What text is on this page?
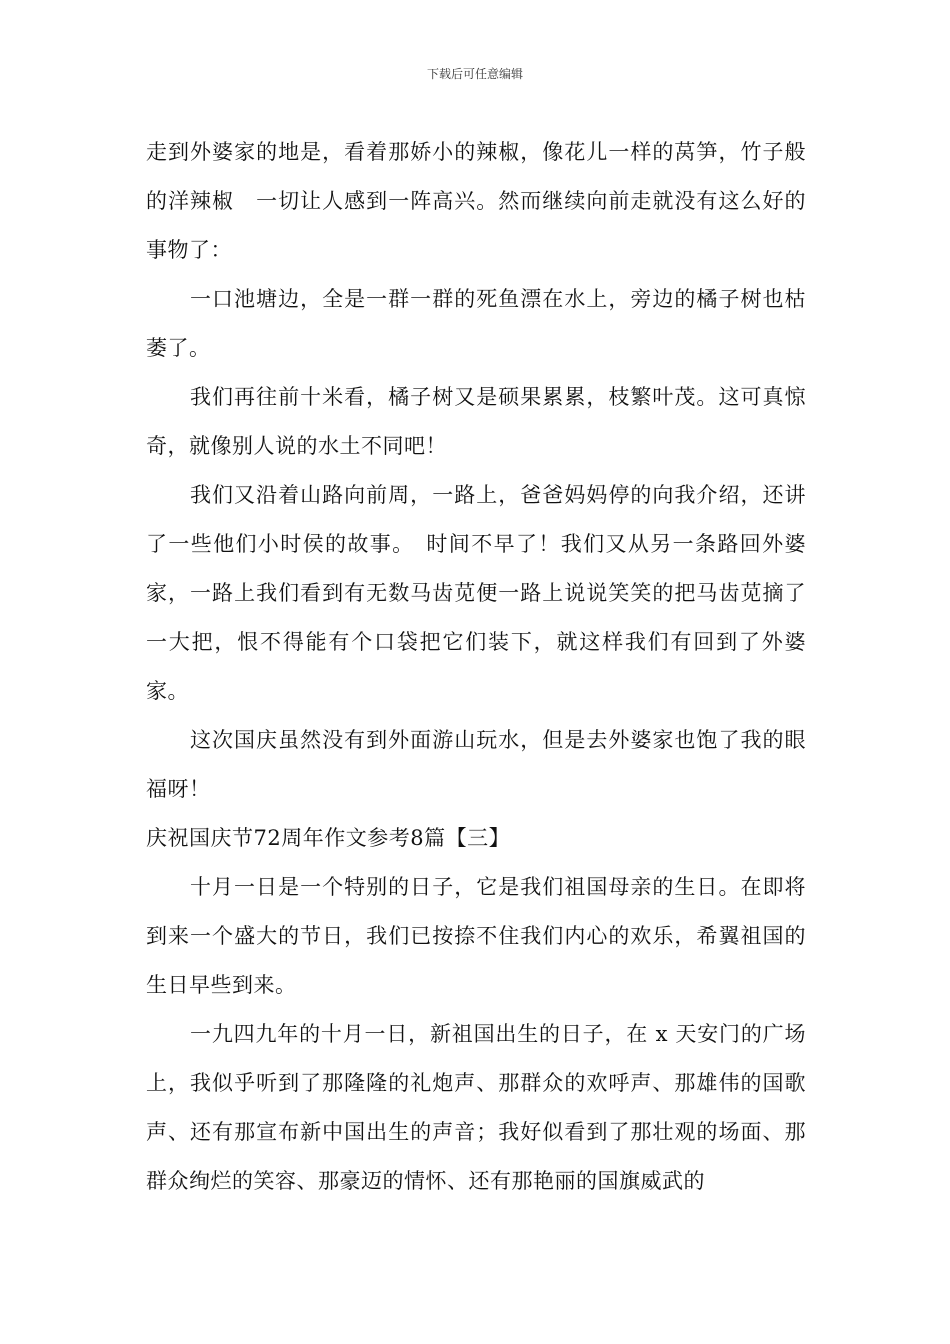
下载后可任意编辑

走到外婆家的地是，看着那娇小的辣椒，像花儿一样的莴笋，竹子般的洋辣椒　一切让人感到一阵高兴。然而继续向前走就没有这么好的事物了：

一口池塘边，全是一群一群的死鱼漂在水上，旁边的橘子树也枯萎了。

我们再往前十米看，橘子树又是硕果累累，枝繁叶茂。这可真惊奇，就像别人说的水土不同吧！

我们又沿着山路向前周，一路上，爸爸妈妈停的向我介绍，还讲了一些他们小时侯的故事。　时间不早了！我们又从另一条路回外婆家，一路上我们看到有无数马齿苋便一路上说说笑笑的把马齿苋摘了一大把，恨不得能有个口袋把它们装下，就这样我们有回到了外婆家。

这次国庆虽然没有到外面游山玩水，但是去外婆家也饱了我的眼福呀！

庆祝国庆节72周年作文参考8篇【三】

十月一日是一个特别的日子，它是我们祖国母亲的生日。在即将到来一个盛大的节日，我们已按捺不住我们内心的欢乐，希翼祖国的生日早些到来。

一九四九年的十月一日，新祖国出生的日子，在 x 天安门的广场上，我似乎听到了那隆隆的礼炮声、那群众的欢呼声、那雄伟的国歌声、还有那宣布新中国出生的声音；我好似看到了那壮观的场面、那群众绚烂的笑容、那豪迈的情怀、还有那艳丽的国旗威武的
